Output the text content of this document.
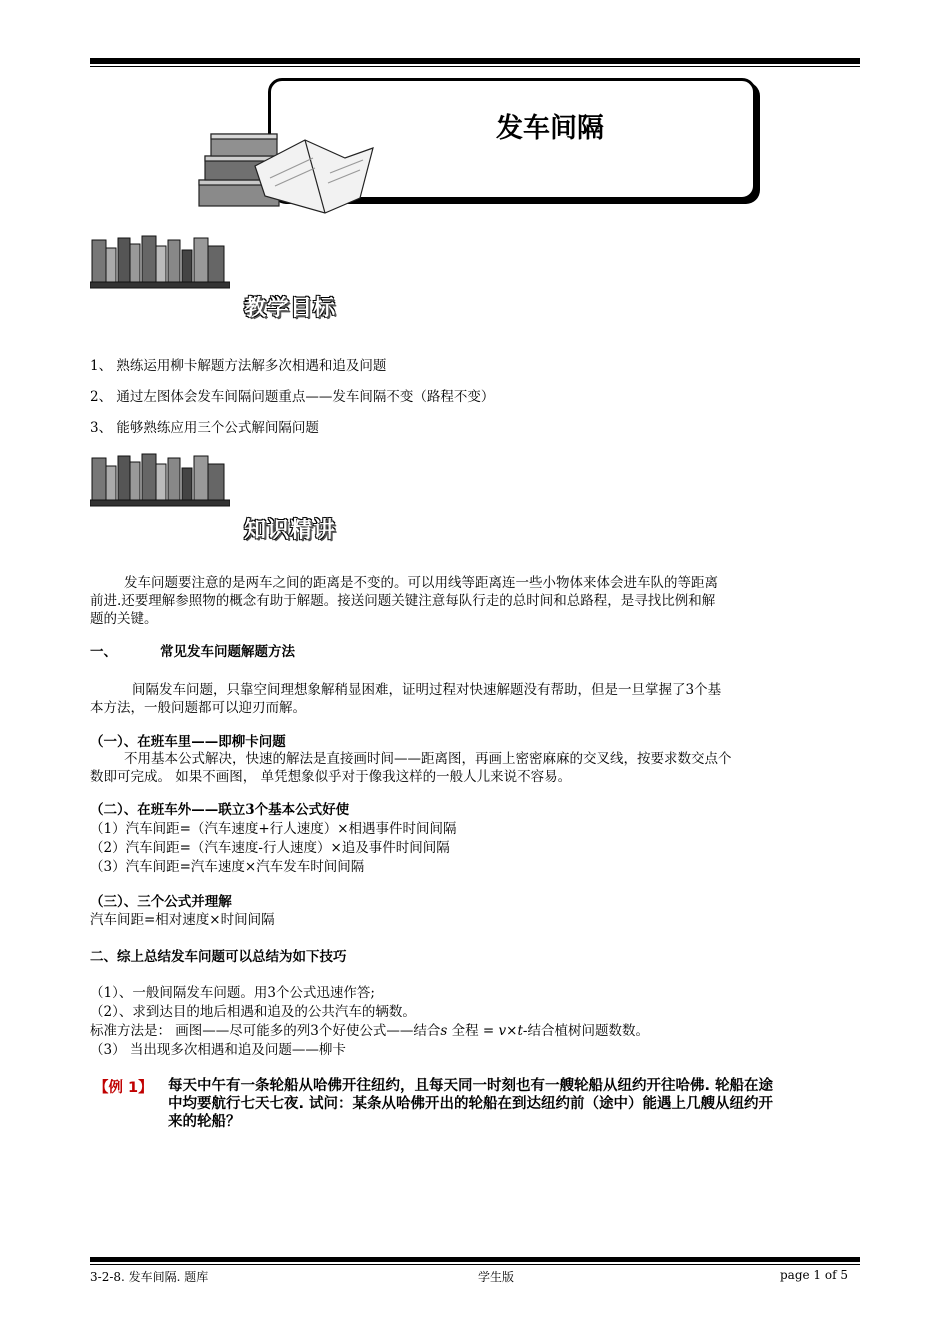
发车间隔
教学目标
1、 熟练运用柳卡解题方法解多次相遇和追及问题
2、 通过左图体会发车间隔问题重点——发车间隔不变（路程不变）
3、 能够熟练应用三个公式解间隔问题
知识精讲
发车问题要注意的是两车之间的距离是不变的。可以用线等距离连一些小物体来体会进车队的等距离
前进.还要理解参照物的概念有助于解题。接送问题关键注意每队行走的总时间和总路程，是寻找比例和解
题的关键。
一、	常见发车问题解题方法
间隔发车问题，只靠空间理想象解稍显困难，证明过程对快速解题没有帮助，但是一旦掌握了3个基
本方法，一般问题都可以迎刃而解。
（一）、在班车里——即柳卡问题
不用基本公式解决，快速的解法是直接画时间——距离图，再画上密密麻麻的交叉线，按要求数交点个
数即可完成。 如果不画图， 单凭想象似乎对于像我这样的一般人儿来说不容易。
（二）、在班车外——联立3个基本公式好使
（1）汽车间距=（汽车速度+行人速度）×相遇事件时间间隔
（2）汽车间距=（汽车速度-行人速度）×追及事件时间间隔
（3）汽车间距=汽车速度×汽车发车时间间隔
（三）、三个公式并理解
汽车间距=相对速度×时间间隔
二、综上总结发车问题可以总结为如下技巧
（1）、一般间隔发车问题。用3个公式迅速作答;
（2）、求到达目的地后相遇和追及的公共汽车的辆数。
标准方法是： 画图——尽可能多的列3个好使公式——结合s 全程 = v×t-结合植树问题数数。
（3） 当出现多次相遇和追及问题——柳卡
【例 1】 每天中午有一条轮船从哈佛开往纽约，且每天同一时刻也有一艘轮船从纽约开往哈佛. 轮船在途
中均要航行七天七夜. 试问：某条从哈佛开出的轮船在到达纽约前（途中）能遇上几艘从纽约开
来的轮船？
3-2-8. 发车间隔. 题库	学生版	page 1 of 5
